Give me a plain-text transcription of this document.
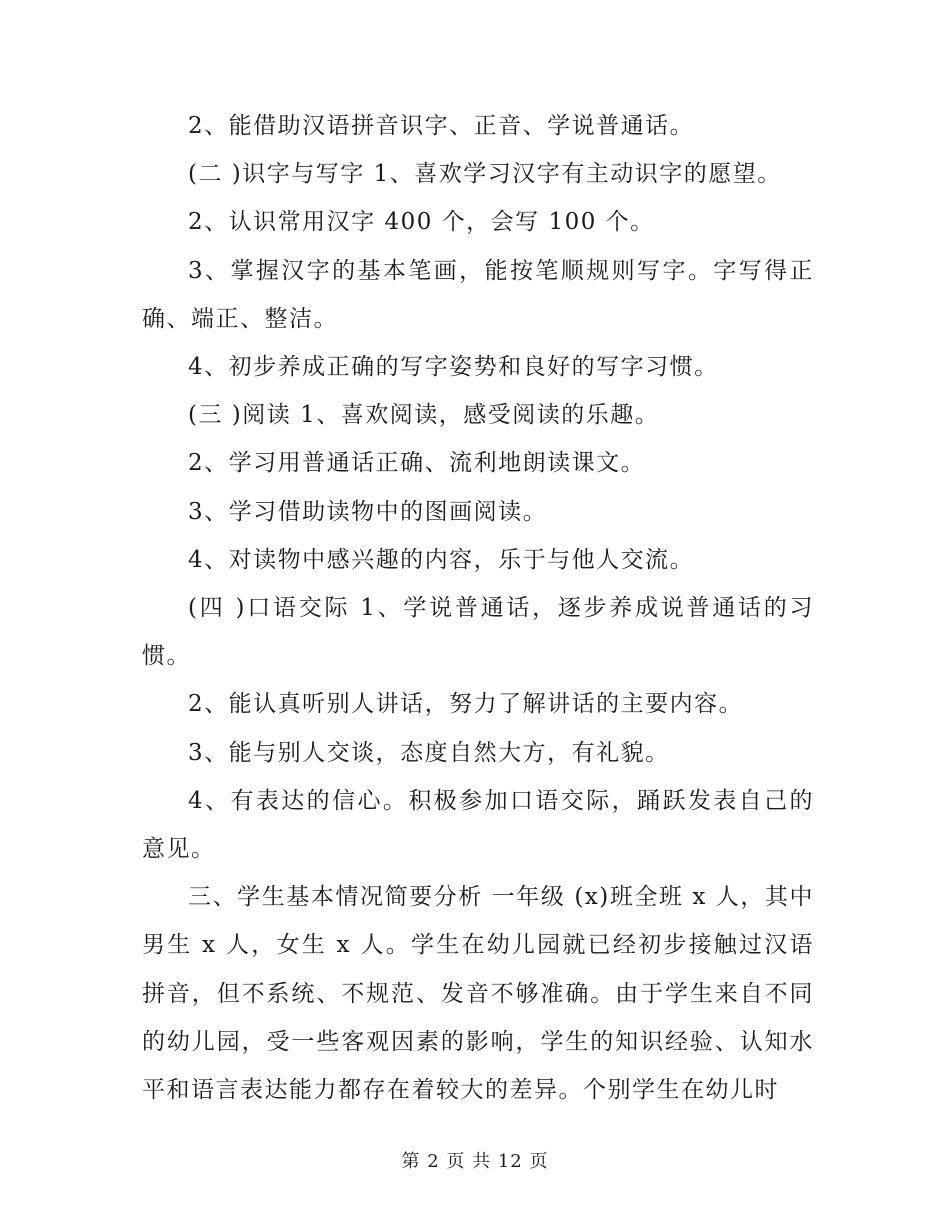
2、能借助汉语拼音识字、正音、学说普通话。

(二 )识字与写字 1、喜欢学习汉字有主动识字的愿望。

2、认识常用汉字 400 个，会写 100 个。

3、掌握汉字的基本笔画，能按笔顺规则写字。字写得正确、端正、整洁。

4、初步养成正确的写字姿势和良好的写字习惯。

(三 )阅读 1、喜欢阅读，感受阅读的乐趣。

2、学习用普通话正确、流利地朗读课文。

3、学习借助读物中的图画阅读。

4、对读物中感兴趣的内容，乐于与他人交流。

(四 )口语交际 1、学说普通话，逐步养成说普通话的习惯。

2、能认真听别人讲话，努力了解讲话的主要内容。

3、能与别人交谈，态度自然大方，有礼貌。

4、有表达的信心。积极参加口语交际，踊跃发表自己的意见。

三、学生基本情况简要分析 一年级 (x)班全班 x 人，其中男生 x 人，女生 x 人。学生在幼儿园就已经初步接触过汉语拼音，但不系统、不规范、发音不够准确。由于学生来自不同的幼儿园，受一些客观因素的影响，学生的知识经验、认知水平和语言表达能力都存在着较大的差异。个别学生在幼儿时

第 2 页 共 12 页
